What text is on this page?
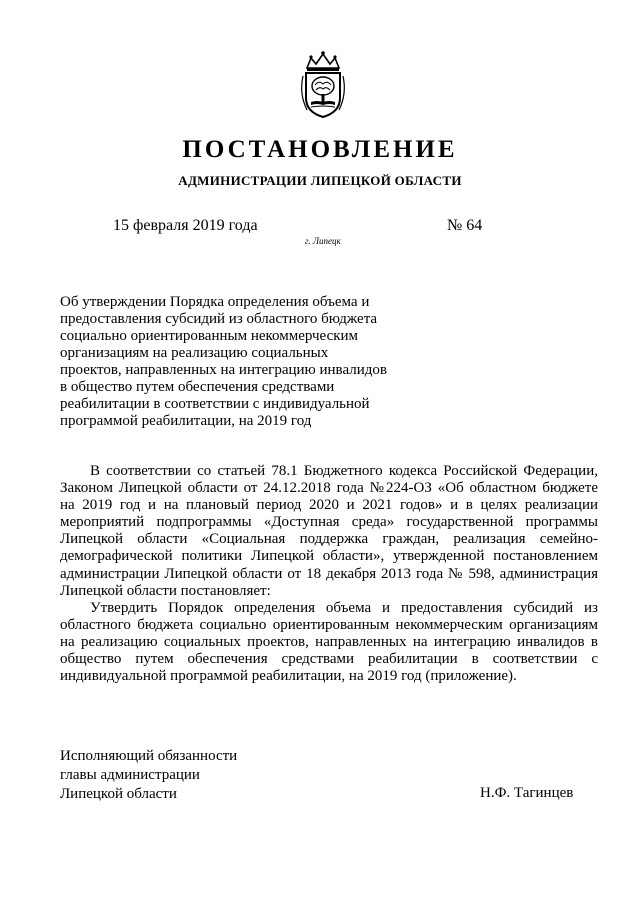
ПОСТАНОВЛЕНИЕ
АДМИНИСТРАЦИИ ЛИПЕЦКОЙ ОБЛАСТИ
15 февраля 2019 года
г. Липецк
№ 64
Об утверждении Порядка определения объема и
предоставления субсидий из областного бюджета
социально ориентированным некоммерческим
организациям на реализацию социальных
проектов, направленных на интеграцию инвалидов
в общество путем обеспечения средствами
реабилитации в соответствии с индивидуальной
программой реабилитации, на 2019 год
В соответствии со статьей 78.1 Бюджетного кодекса Российской Федерации,
Законом Липецкой области от 24.12.2018 года №224-ОЗ «Об областном бюджете
на 2019 год и на плановый период 2020 и 2021 годов» и в целях реализации
мероприятий подпрограммы «Доступная среда» государственной программы
Липецкой области «Социальная поддержка граждан, реализация семейно-
демографической политики Липецкой области», утвержденной постановлением
администрации Липецкой области от 18 декабря 2013 года № 598, администрация
Липецкой области постановляет:
Утвердить Порядок определения объема и предоставления субсидий из
областного бюджета социально ориентированным некоммерческим организациям
на реализацию социальных проектов, направленных на интеграцию инвалидов в
общество путем обеспечения средствами реабилитации в соответствии с
индивидуальной программой реабилитации, на 2019 год (приложение).
Исполняющий обязанности
главы администрации
Липецкой области	Н.Ф. Тагинцев
